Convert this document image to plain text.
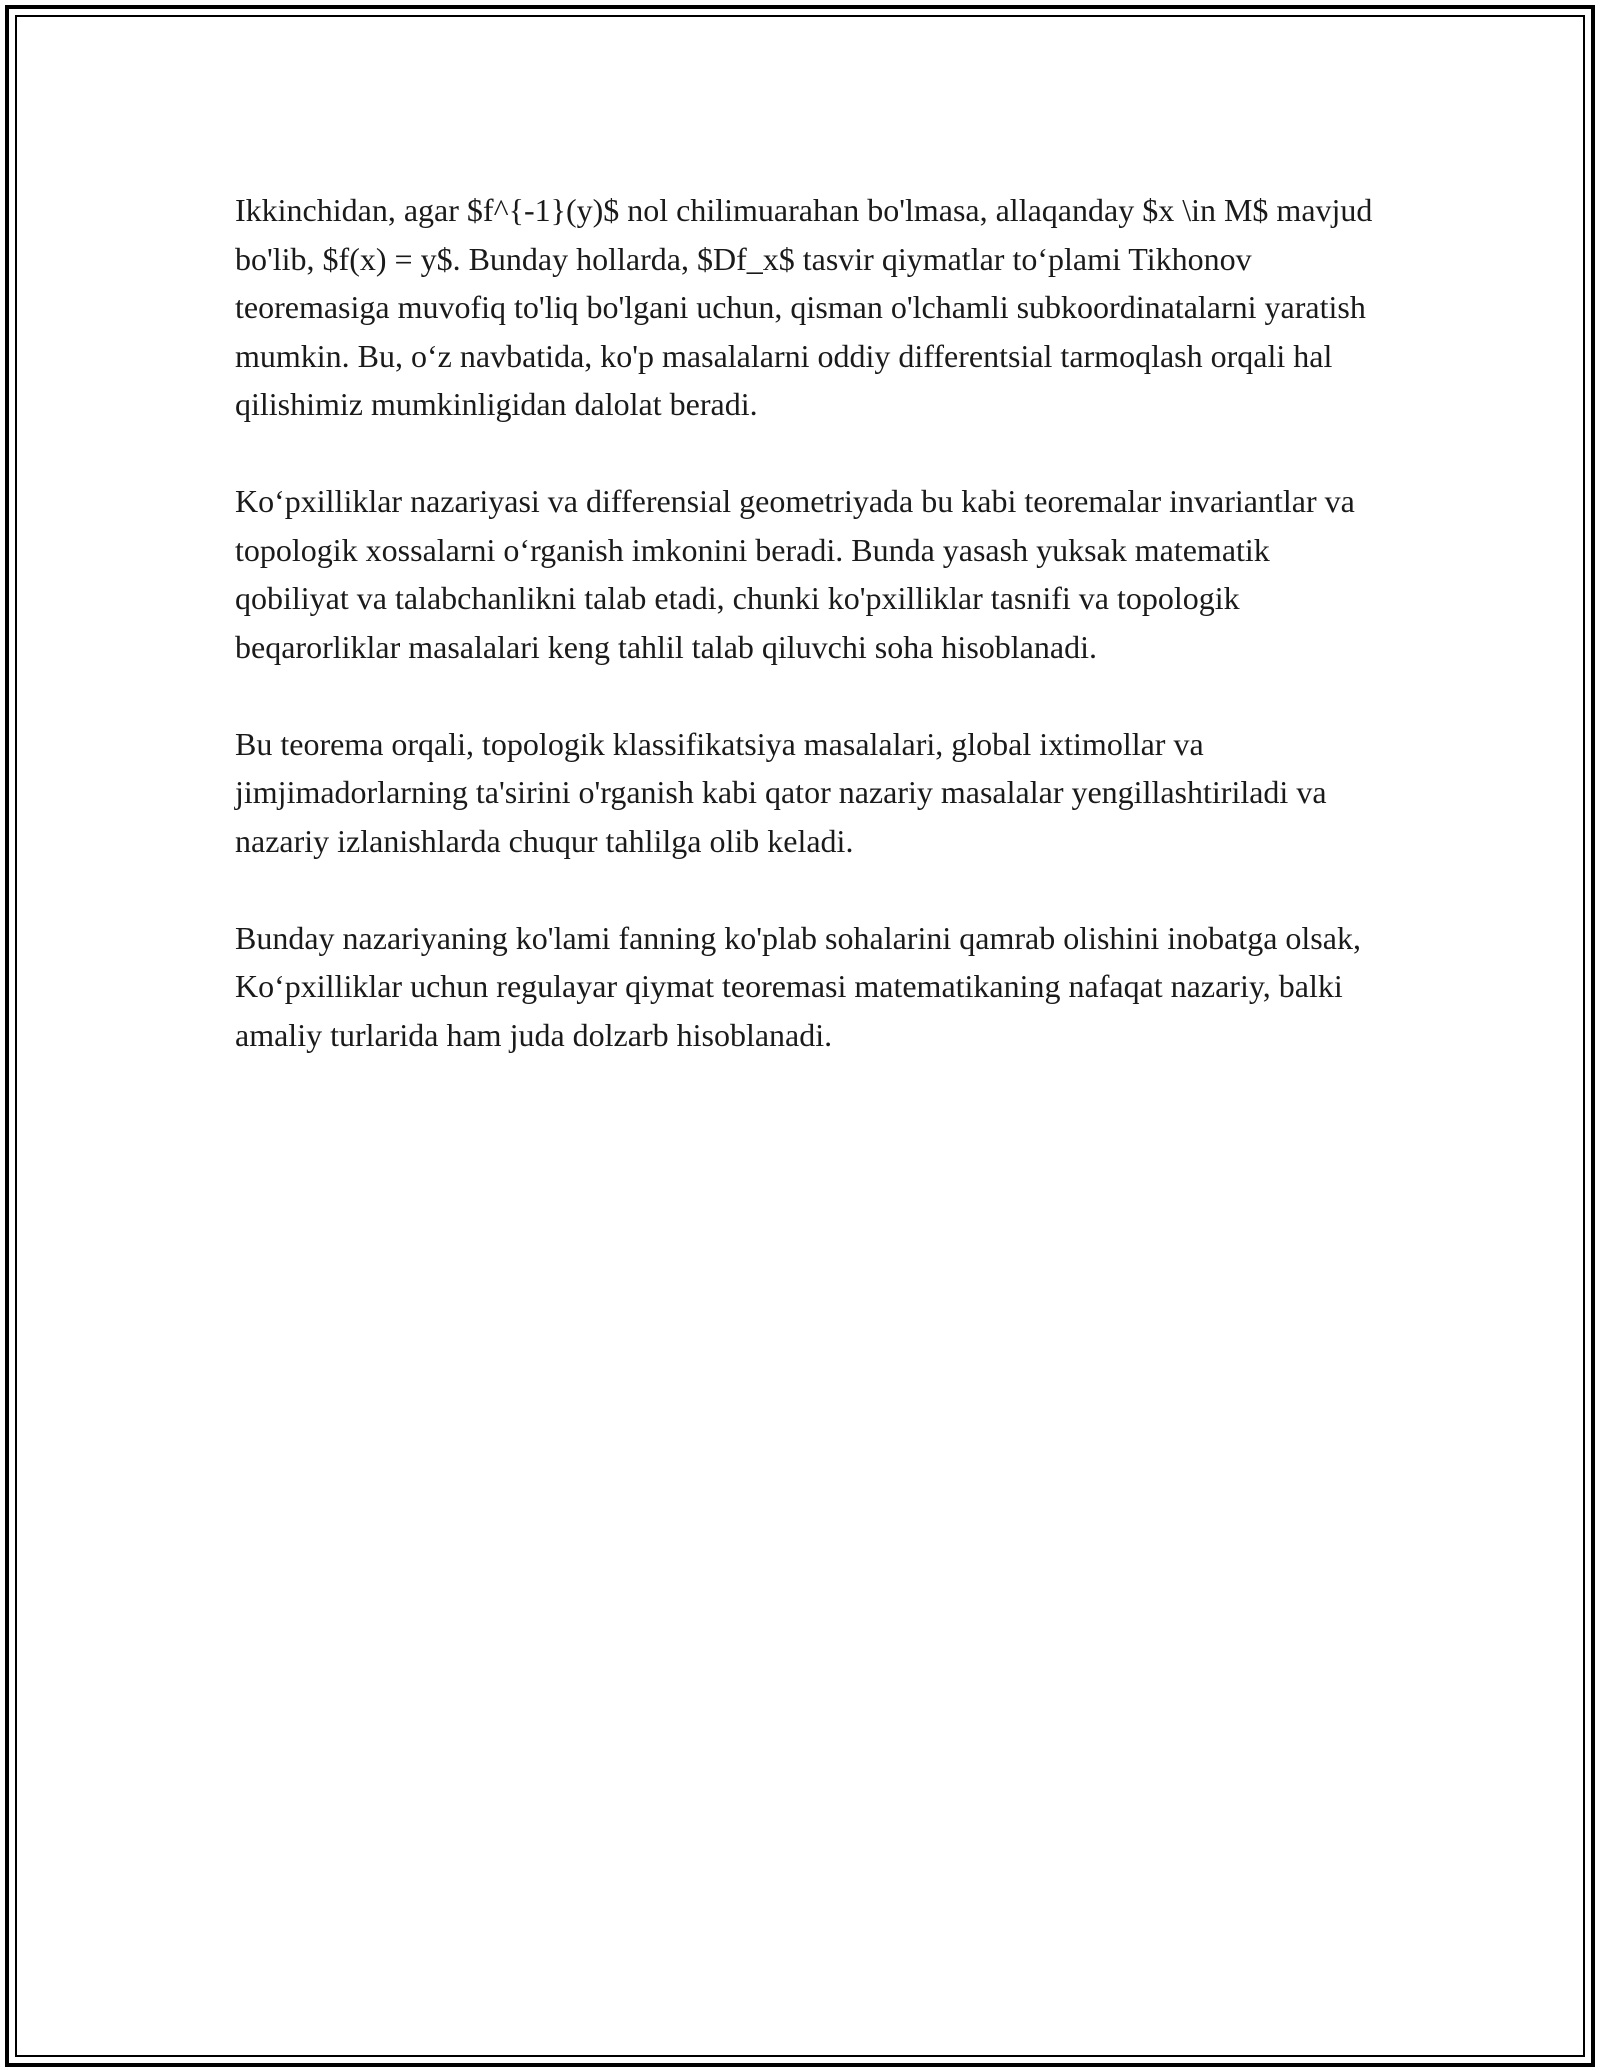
Ikkinchidan, agar $f^{-1}(y)$ nol chilimuarahan bo'lmasa, allaqanday $x \in M$ mavjud bo'lib, $f(x) = y$. Bunday hollarda, $Df_x$ tasvir qiymatlar to‘plami Tikhonov teoremasiga muvofiq to'liq bo'lgani uchun, qisman o'lchamli subkoordinatalarni yaratish mumkin. Bu, o‘z navbatida, ko'p masalalarni oddiy differentsial tarmoqlash orqali hal qilishimiz mumkinligidan dalolat beradi.

Ko‘pxilliklar nazariyasi va differensial geometriyada bu kabi teoremalar invariantlar va topologik xossalarni o‘rganish imkonini beradi. Bunda yasash yuksak matematik qobiliyat va talabchanlikni talab etadi, chunki ko'pxilliklar tasnifi va topologik beqarorliklar masalalari keng tahlil talab qiluvchi soha hisoblanadi.

Bu teorema orqali, topologik klassifikatsiya masalalari, global ixtimollar va jimjimadorlarning ta'sirini o'rganish kabi qator nazariy masalalar yengillashtiriladi va nazariy izlanishlarda chuqur tahlilga olib keladi.

Bunday nazariyaning ko'lami fanning ko'plab sohalarini qamrab olishini inobatga olsak, Ko‘pxilliklar uchun regulayar qiymat teoremasi matematikaning nafaqat nazariy, balki amaliy turlarida ham juda dolzarb hisoblanadi.
